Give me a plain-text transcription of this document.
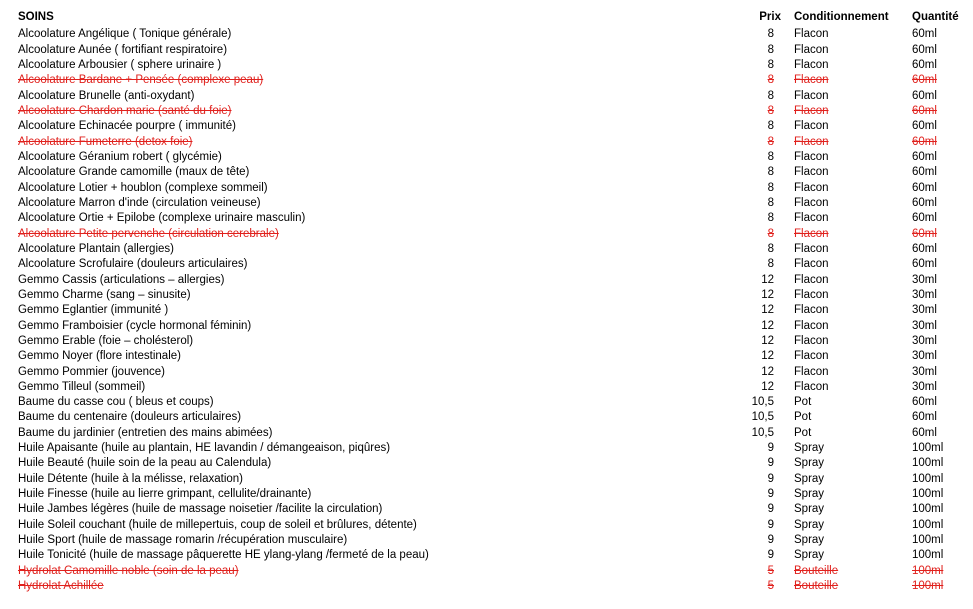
SOINS	Prix Conditionnement Quantité
Alcoolature Angélique ( Tonique générale)	8 Flacon	60ml
Alcoolature Aunée ( fortifiant respiratoire)	8 Flacon	60ml
Alcoolature Arbousier ( sphere urinaire )	8 Flacon	60ml
Alcoolature Bardane + Pensée (complexe peau)	8 Flacon	60ml
Alcoolature Brunelle (anti-oxydant)	8 Flacon	60ml
Alcoolature Chardon marie (santé du foie)	8 Flacon	60ml
Alcoolature Echinacée pourpre ( immunité)	8 Flacon	60ml
Alcoolature Fumeterre (detox foie)	8 Flacon	60ml
Alcoolature Géranium robert ( glycémie)	8 Flacon	60ml
Alcoolature Grande camomille (maux de tête)	8 Flacon	60ml
Alcoolature Lotier + houblon (complexe sommeil)	8 Flacon	60ml
Alcoolature Marron d'inde (circulation veineuse)	8 Flacon	60ml
Alcoolature Ortie + Epilobe (complexe urinaire masculin)	8 Flacon	60ml
Alcoolature Petite pervenche (circulation cerebrale)	8 Flacon	60ml
Alcoolature Plantain (allergies)	8 Flacon	60ml
Alcoolature Scrofulaire (douleurs articulaires)	8 Flacon	60ml
Gemmo Cassis (articulations – allergies)	12 Flacon	30ml
Gemmo Charme (sang – sinusite)	12 Flacon	30ml
Gemmo Eglantier (immunité )	12 Flacon	30ml
Gemmo Framboisier (cycle hormonal féminin)	12 Flacon	30ml
Gemmo Erable (foie – cholésterol)	12 Flacon	30ml
Gemmo Noyer (flore intestinale)	12 Flacon	30ml
Gemmo Pommier (jouvence)	12 Flacon	30ml
Gemmo Tilleul (sommeil)	12 Flacon	30ml
Baume du casse cou ( bleus et coups)	10,5 Pot	60ml
Baume du centenaire (douleurs articulaires)	10,5 Pot	60ml
Baume du jardinier (entretien des mains abimées)	10,5 Pot	60ml
Huile Apaisante (huile au plantain, HE lavandin / démangeaison, piqûres)	9 Spray	100ml
Huile Beauté (huile soin de la peau au Calendula)	9 Spray	100ml
Huile Détente (huile à la mélisse, relaxation)	9 Spray	100ml
Huile Finesse (huile au lierre grimpant, cellulite/drainante)	9 Spray	100ml
Huile Jambes légères (huile de massage noisetier /facilite la circulation)	9 Spray	100ml
Huile Soleil couchant (huile de millepertuis, coup de soleil et brûlures, détente)	9 Spray	100ml
Huile Sport (huile de massage romarin /récupération musculaire)	9 Spray	100ml
Huile Tonicité (huile de massage pâquerette HE ylang-ylang /fermeté de la peau)	9 Spray	100ml
Hydrolat Camomille noble (soin de la peau)	5 Bouteille	100ml
Hydrolat Achillée	5 Bouteille	100ml
